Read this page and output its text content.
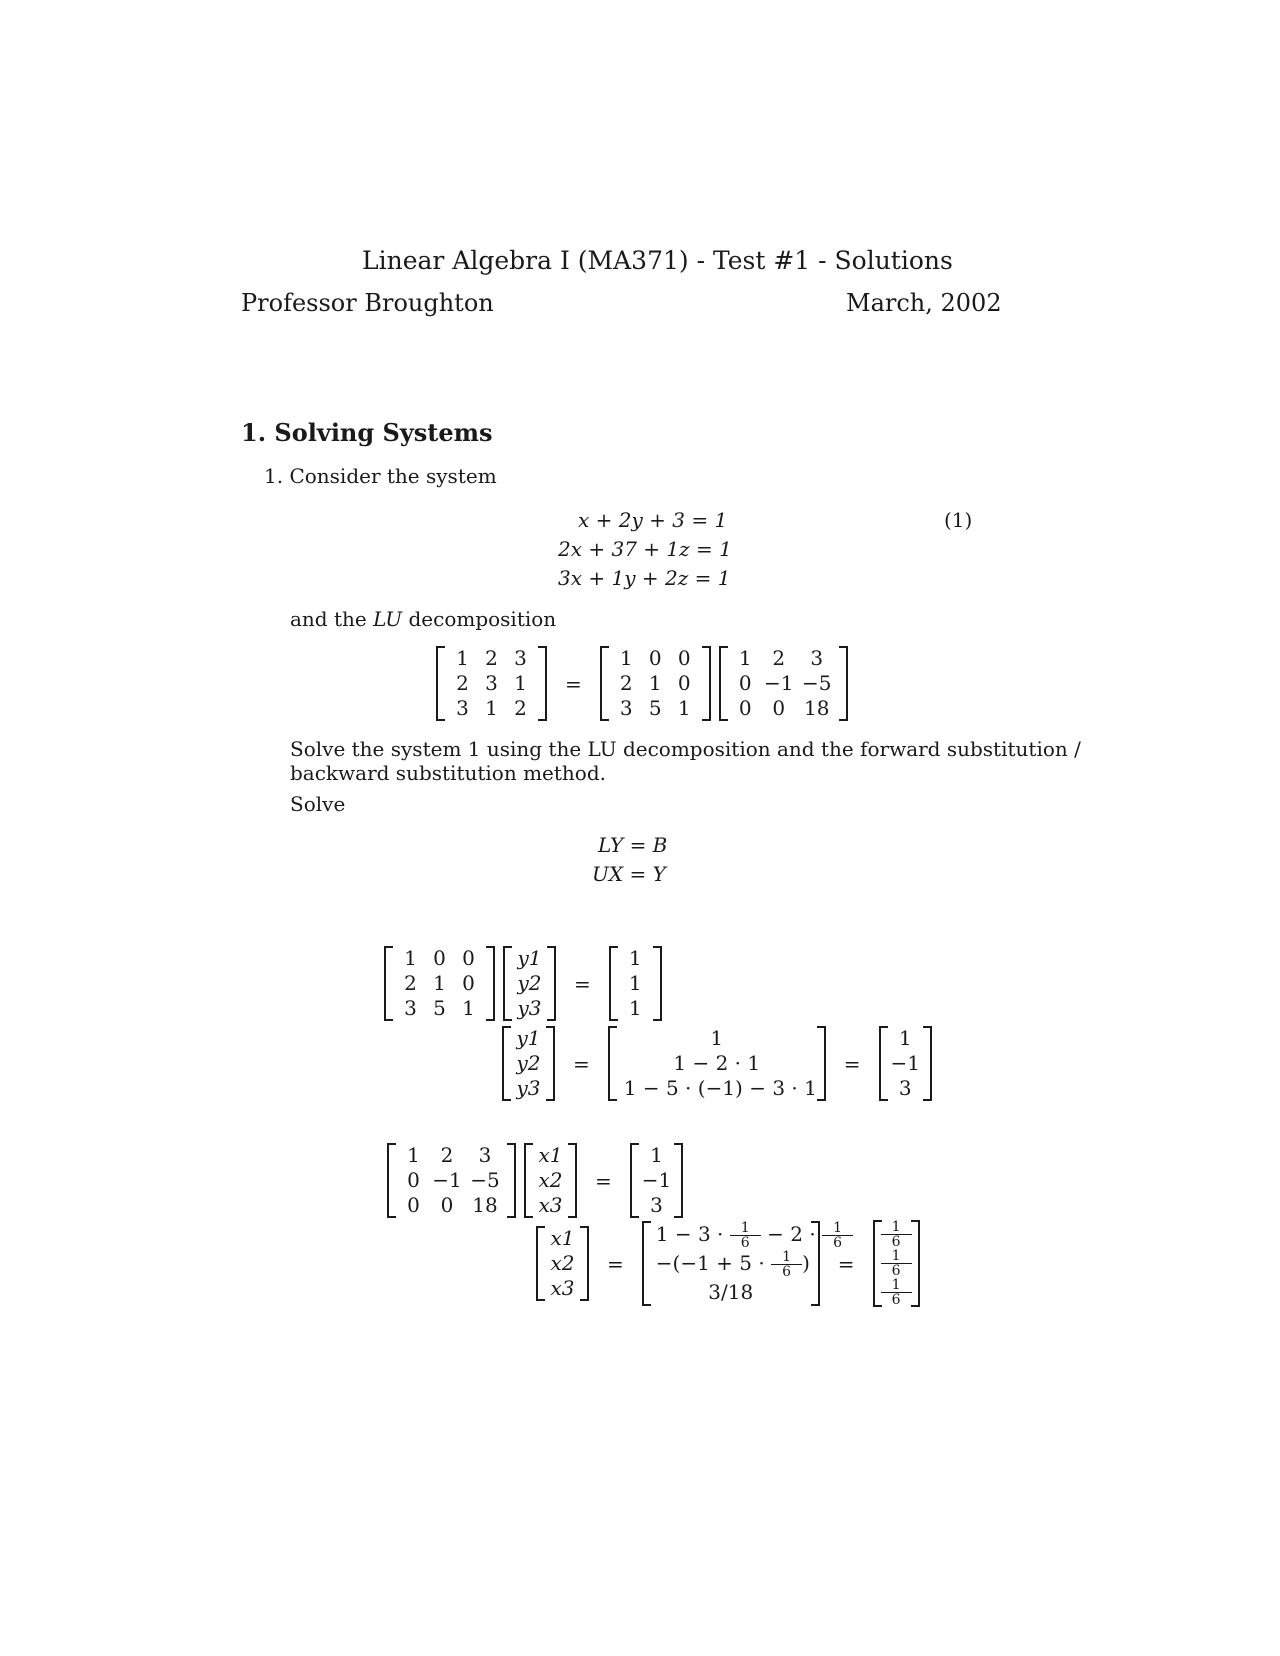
Linear Algebra I (MA371) - Test #1 - Solutions
Professor Broughton	March, 2002
1. Solving Systems
1. Consider the system
x + 2y + 3 = 1
2x + 37 + 1z = 1
3x + 1y + 2z = 1
(1)
and the LU decomposition
1 2 3
2 3 1
3 1 2
=
1 0 0
2 1 0
3 5 1
1	2	3
0 −1 −5
0	0 18
Solve the system 1 using the LU decomposition and the forward substitution /
backward substitution method.
Solve
LY = B
UX = Y
1 0 0
2 1 0
3 5 1
y1
y2
y3
=
1
1
1
y1
y2
y3
=
1
1 − 2 · 1
1 − 5 · (−1) − 3 · 1
=
1
−1
3
1	2	3
0 −1 −5
0	0 18
x1
x2
x3
=
1
−1
3
x1
x2
x3
=
$1 - 3 \cdot \frac{1}{6} - 2 \cdot \frac{1}{6}$
$-(-1 + 5 \cdot \frac{1}{6}$ )
3/18
=
$\frac{1}{6}$
$\frac{1}{6}$
$\frac{1}{6}$
